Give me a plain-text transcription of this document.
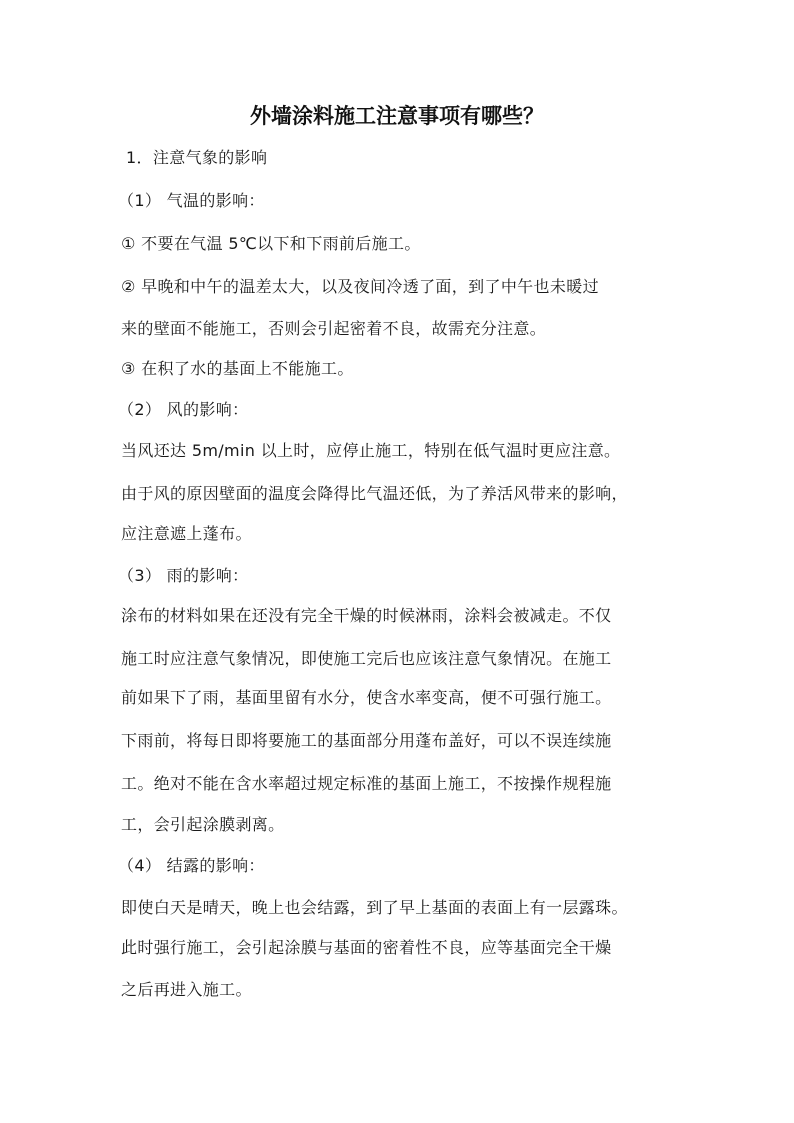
外墙涂料施工注意事项有哪些？

1．注意气象的影响

（1） 气温的影响：

① 不要在气温 5℃以下和下雨前后施工。

② 早晚和中午的温差太大，以及夜间冷透了面，到了中午也未暖过

来的壁面不能施工，否则会引起密着不良，故需充分注意。

③ 在积了水的基面上不能施工。

（2） 风的影响：

当风还达 5m/min 以上时，应停止施工，特别在低气温时更应注意。

由于风的原因壁面的温度会降得比气温还低，为了养活风带来的影响，

应注意遮上蓬布。

（3） 雨的影响：

涂布的材料如果在还没有完全干燥的时候淋雨，涂料会被减走。不仅

施工时应注意气象情况，即使施工完后也应该注意气象情况。在施工

前如果下了雨，基面里留有水分，使含水率变高，便不可强行施工。

下雨前，将每日即将要施工的基面部分用蓬布盖好，可以不误连续施

工。绝对不能在含水率超过规定标准的基面上施工，不按操作规程施

工，会引起涂膜剥离。

（4） 结露的影响：

即使白天是晴天，晚上也会结露，到了早上基面的表面上有一层露珠。

此时强行施工，会引起涂膜与基面的密着性不良，应等基面完全干燥

之后再进入施工。
